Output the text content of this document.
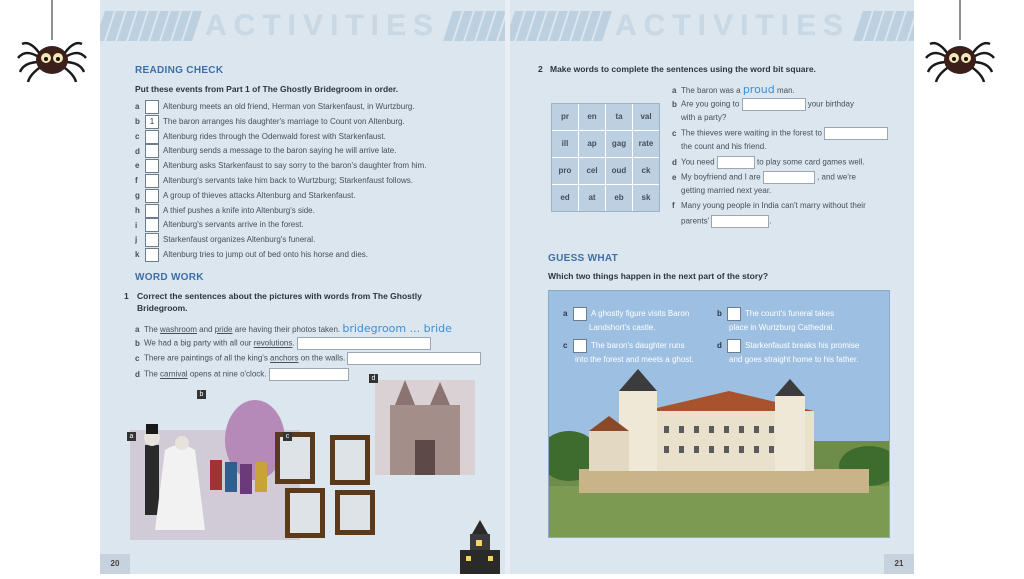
ACTIVITIES
READING CHECK
Put these events from Part 1 of The Ghostly Bridegroom in order.
a	Altenburg meets an old friend, Herman von Starkenfaust, in Wurtzburg.
b 1 The baron arranges his daughter's marriage to Count von Altenburg.
c	Altenburg rides through the Odenwald forest with Starkenfaust.
d	Altenburg sends a message to the baron saying he will arrive late.
e	Altenburg asks Starkenfaust to say sorry to the baron's daughter from him.
f	Altenburg's servants take him back to Wurtzburg; Starkenfaust follows.
g	A group of thieves attacks Altenburg and Starkenfaust.
h	A thief pushes a knife into Altenburg's side.
i	Altenburg's servants arrive in the forest.
j	Starkenfaust organizes Altenburg's funeral.
k	Altenburg tries to jump out of bed onto his horse and dies.
WORD WORK
1 Correct the sentences about the pictures with words from The Ghostly
Bridegroom.
a The washroom and pride are having their photos taken. bridegroom ... bride
b We had a big party with all our revolutions.
c There are paintings of all the king's anchors on the walls.
d The carnival opens at nine o'clock.
a
b
c
d
20
ACTIVITIES
2 Make words to complete the sentences using the word bit square.
pr	en	ta	val
ill	ap	gag	rate
pro	cel	oud	ck
ed	at	eb	sk
a The baron was a proud man.
b Are you going to	your birthday
with a party?
c The thieves were waiting in the forest to
the count and his friend.
d You need	to play some card games well.
e My boyfriend and I are	, and we're
getting married next year.
f Many young people in India can't marry without their
parents'	.
GUESS WHAT
Which two things happen in the next part of the story?
a	A ghostly figure visits Baron
Landshort's castle.
b	The count's funeral takes
place in Wurtzburg Cathedral.
c	The baron's daughter runs
into the forest and meets a ghost.
d	Starkenfaust breaks his promise
and goes straight home to his father.
21
